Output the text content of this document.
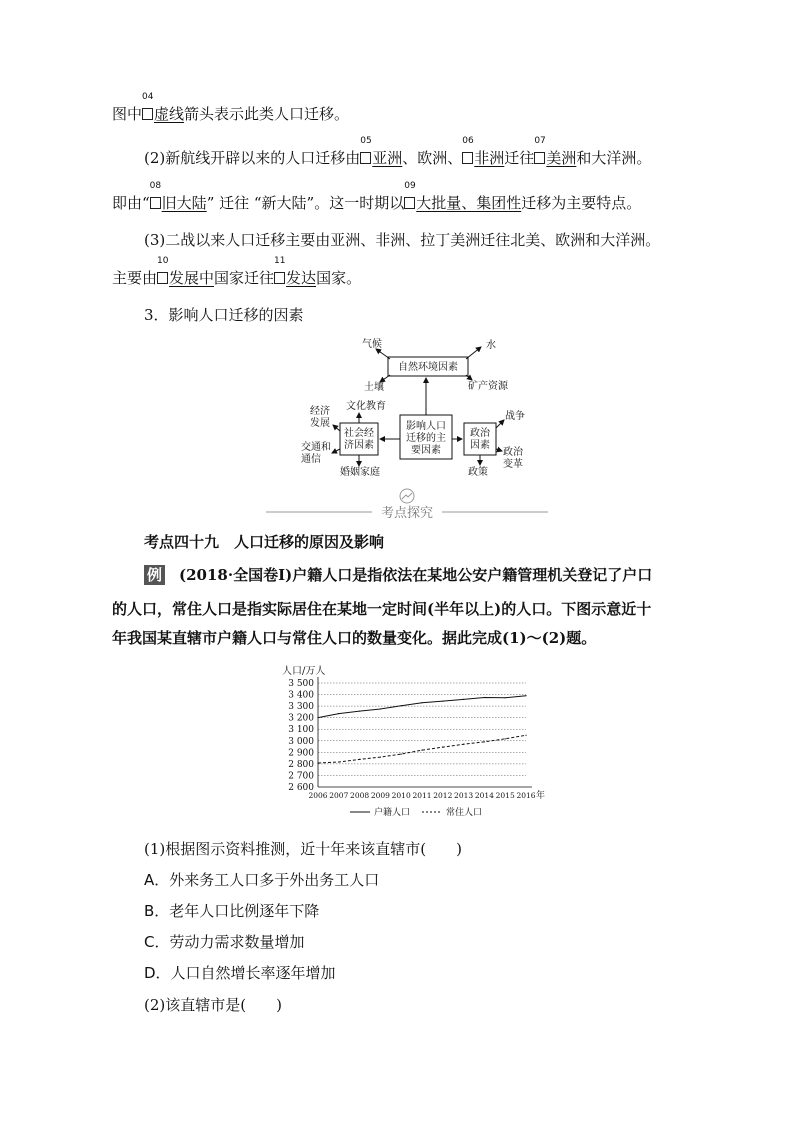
图中
04
虚线箭头表示此类人口迁移。
(2)新航线开辟以来的人口迁移由
05
亚洲、欧洲、
06
非洲迁往
07
美洲和大洋洲。
即由“
08
旧大陆” 迁往 “新大陆”。这一时期以
09
大批量、集团性迁移为主要特点。
(3)二战以来人口迁移主要由亚洲、非洲、拉丁美洲迁往北美、欧洲和大洋洲。
主要由
10
发展中国家迁往
11
发达国家。
3．影响人口迁移的因素
自然环境因素
气候	水
土壤	矿产资源
影响人口
迁移的主
要因素
社会经
济因素
文化教育
经济
发展
交通和
通信
婚姻家庭
政治
因素
战争
政治
变革
政策
考点探究
考点四十九　人口迁移的原因及影响
例 (2018·全国卷Ⅰ)户籍人口是指依法在某地公安户籍管理机关登记了户口
的人口，常住人口是指实际居住在某地一定时间(半年以上)的人口。下图示意近十
年我国某直辖市户籍人口与常住人口的数量变化。据此完成(1)～(2)题。
2 600
2 700
2 800
2 900
3 000
3 100
3 200
3 300
3 400
3 500
人口/万人
2006 2007 2008 2009 2010 2011 2012 2013 2014 2015 2016 年
户籍人口	常住人口
(1)根据图示资料推测，近十年来该直辖市(　　)
A．外来务工人口多于外出务工人口
B．老年人口比例逐年下降
C．劳动力需求数量增加
D．人口自然增长率逐年增加
(2)该直辖市是(　　)
